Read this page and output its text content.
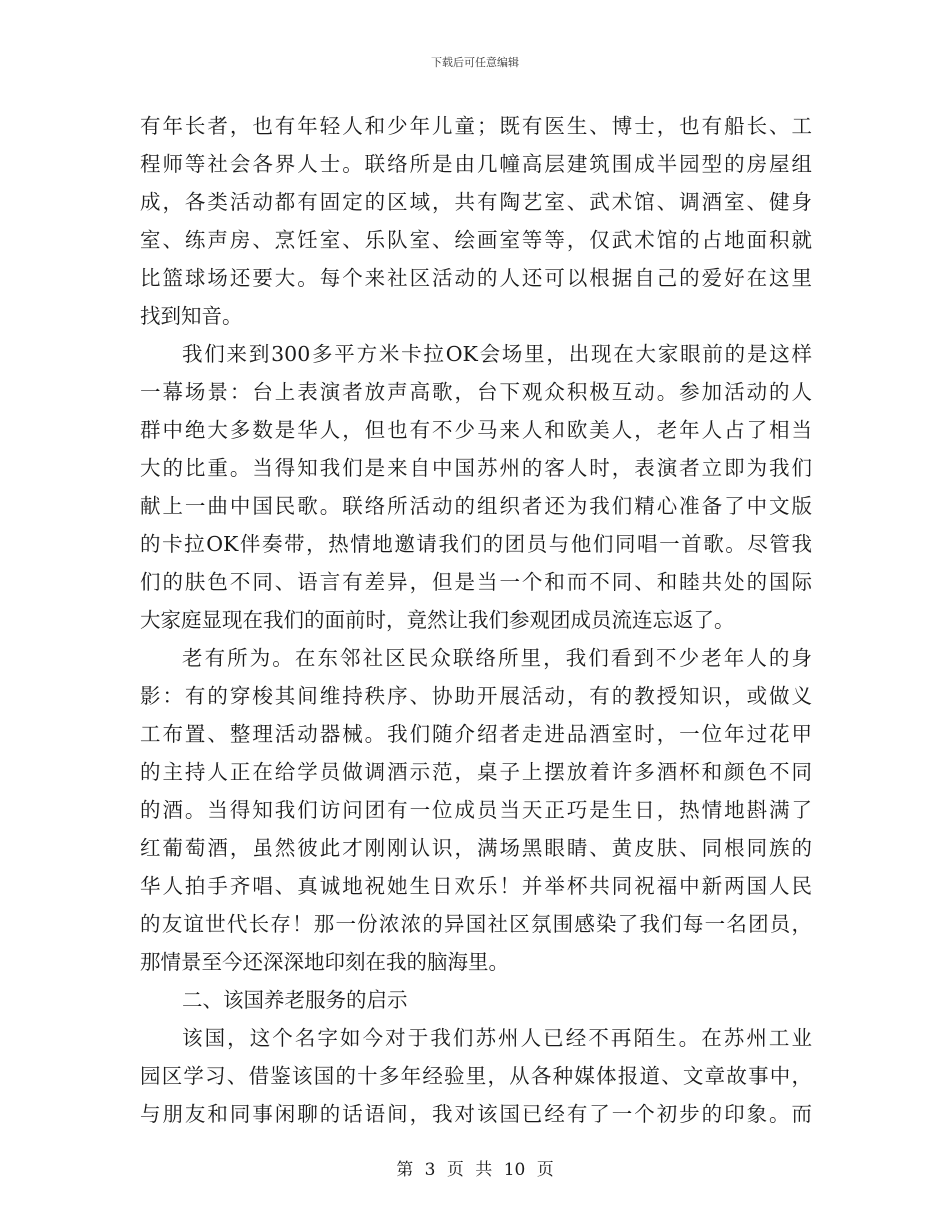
下载后可任意编辑
有年长者，也有年轻人和少年儿童；既有医生、博士，也有船长、工
程师等社会各界人士。联络所是由几幢高层建筑围成半园型的房屋组
成，各类活动都有固定的区域，共有陶艺室、武术馆、调酒室、健身
室、练声房、烹饪室、乐队室、绘画室等等，仅武术馆的占地面积就
比篮球场还要大。每个来社区活动的人还可以根据自己的爱好在这里
找到知音。
我们来到300多平方米卡拉OK会场里，出现在大家眼前的是这样
一幕场景：台上表演者放声高歌，台下观众积极互动。参加活动的人
群中绝大多数是华人，但也有不少马来人和欧美人，老年人占了相当
大的比重。当得知我们是来自中国苏州的客人时，表演者立即为我们
献上一曲中国民歌。联络所活动的组织者还为我们精心准备了中文版
的卡拉OK伴奏带，热情地邀请我们的团员与他们同唱一首歌。尽管我
们的肤色不同、语言有差异，但是当一个和而不同、和睦共处的国际
大家庭显现在我们的面前时，竟然让我们参观团成员流连忘返了。
老有所为。在东邻社区民众联络所里，我们看到不少老年人的身
影：有的穿梭其间维持秩序、协助开展活动，有的教授知识，或做义
工布置、整理活动器械。我们随介绍者走进品酒室时，一位年过花甲
的主持人正在给学员做调酒示范，桌子上摆放着许多酒杯和颜色不同
的酒。当得知我们访问团有一位成员当天正巧是生日，热情地斟满了
红葡萄酒，虽然彼此才刚刚认识，满场黑眼睛、黄皮肤、同根同族的
华人拍手齐唱、真诚地祝她生日欢乐！并举杯共同祝福中新两国人民
的友谊世代长存！那一份浓浓的异国社区氛围感染了我们每一名团员，
那情景至今还深深地印刻在我的脑海里。
二、该国养老服务的启示
该国，这个名字如今对于我们苏州人已经不再陌生。在苏州工业
园区学习、借鉴该国的十多年经验里，从各种媒体报道、文章故事中，
与朋友和同事闲聊的话语间，我对该国已经有了一个初步的印象。而
第 3 页 共 10 页
